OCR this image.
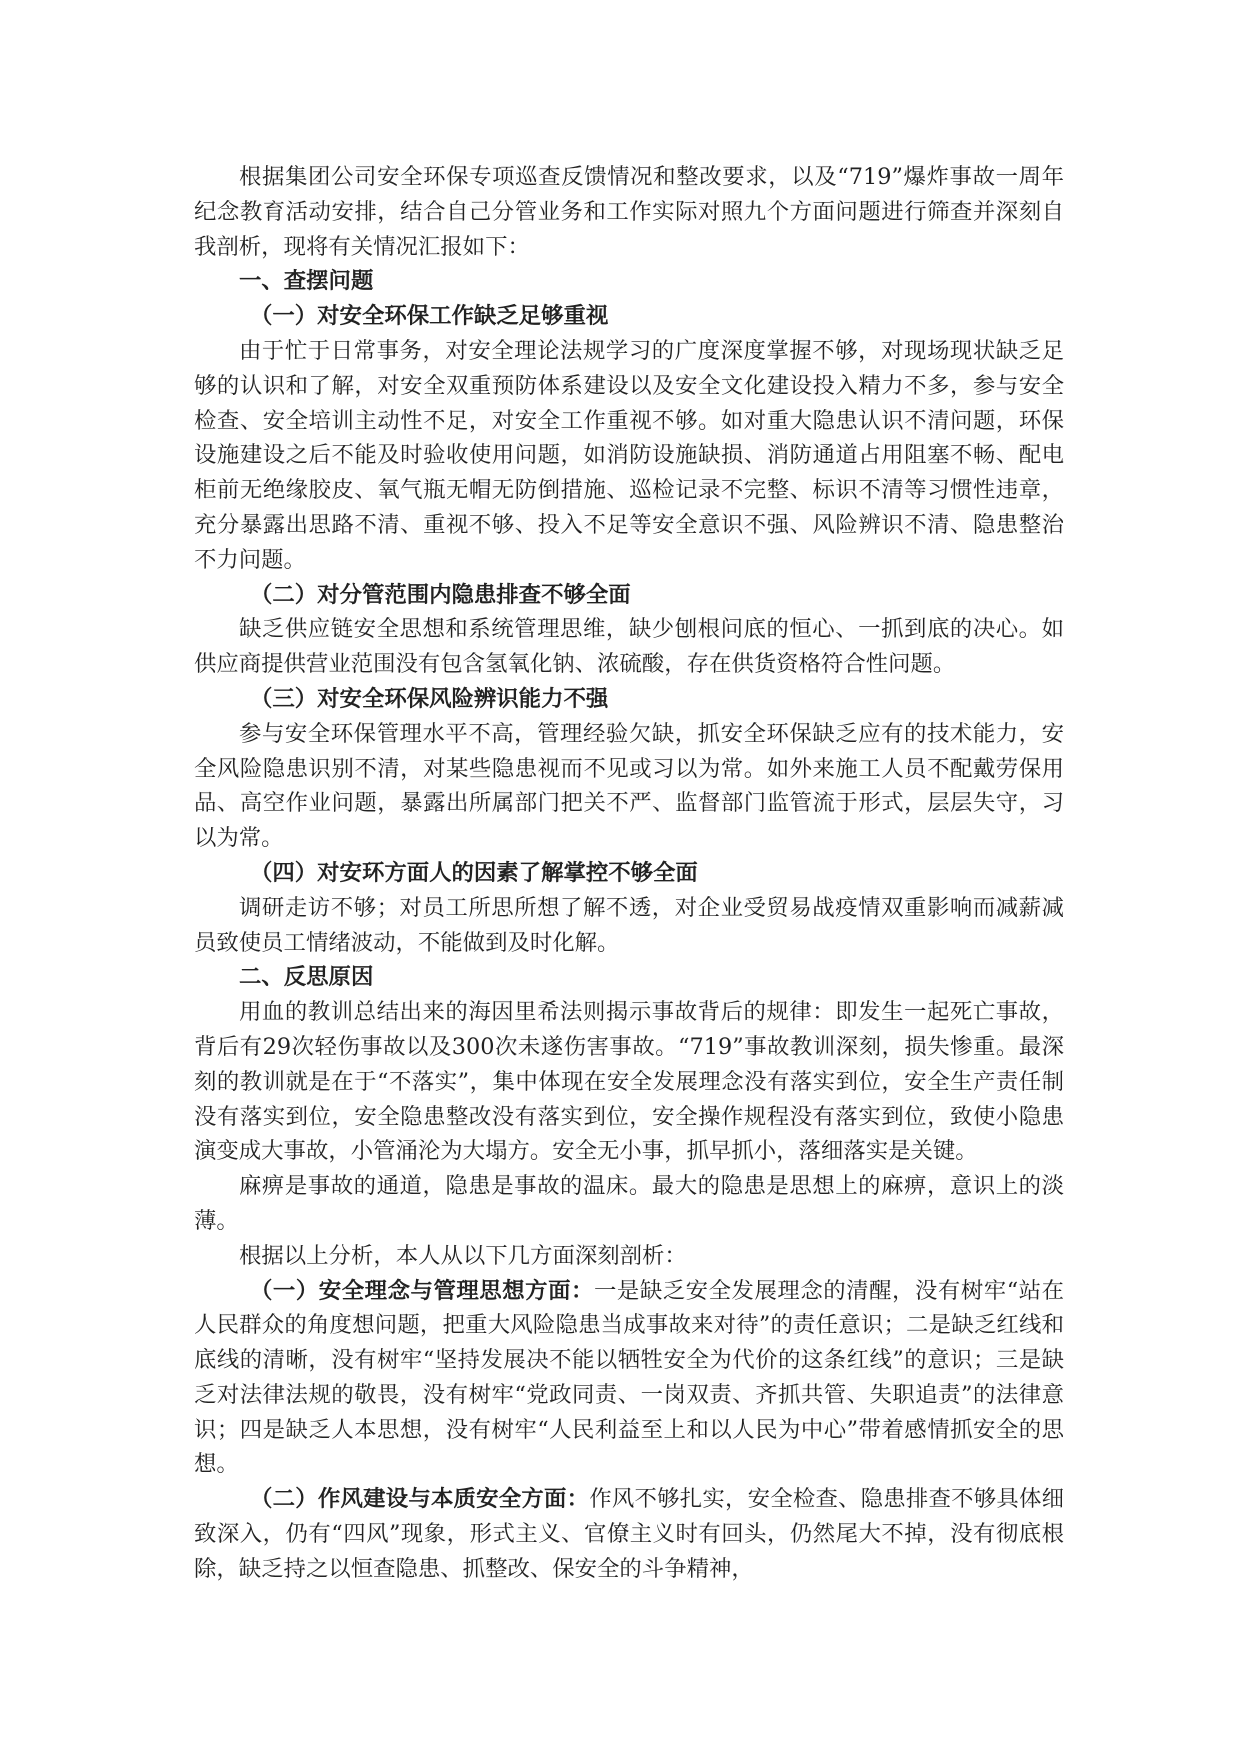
根据集团公司安全环保专项巡查反馈情况和整改要求，以及“719”爆炸事故一周年纪念教育活动安排，结合自己分管业务和工作实际对照九个方面问题进行筛查并深刻自我剖析，现将有关情况汇报如下：

一、查摆问题

（一）对安全环保工作缺乏足够重视

由于忙于日常事务，对安全理论法规学习的广度深度掌握不够，对现场现状缺乏足够的认识和了解，对安全双重预防体系建设以及安全文化建设投入精力不多，参与安全检查、安全培训主动性不足，对安全工作重视不够。如对重大隐患认识不清问题，环保设施建设之后不能及时验收使用问题，如消防设施缺损、消防通道占用阻塞不畅、配电柜前无绝缘胶皮、氧气瓶无帽无防倒措施、巡检记录不完整、标识不清等习惯性违章，充分暴露出思路不清、重视不够、投入不足等安全意识不强、风险辨识不清、隐患整治不力问题。

（二）对分管范围内隐患排查不够全面

缺乏供应链安全思想和系统管理思维，缺少刨根问底的恒心、一抓到底的决心。如供应商提供营业范围没有包含氢氧化钠、浓硫酸，存在供货资格符合性问题。

（三）对安全环保风险辨识能力不强

参与安全环保管理水平不高，管理经验欠缺，抓安全环保缺乏应有的技术能力，安全风险隐患识别不清，对某些隐患视而不见或习以为常。如外来施工人员不配戴劳保用品、高空作业问题，暴露出所属部门把关不严、监督部门监管流于形式，层层失守，习以为常。

（四）对安环方面人的因素了解掌控不够全面

调研走访不够；对员工所思所想了解不透，对企业受贸易战疫情双重影响而减薪减员致使员工情绪波动，不能做到及时化解。

二、反思原因

用血的教训总结出来的海因里希法则揭示事故背后的规律：即发生一起死亡事故，背后有29次轻伤事故以及300次未遂伤害事故。“719”事故教训深刻，损失惨重。最深刻的教训就是在于“不落实”，集中体现在安全发展理念没有落实到位，安全生产责任制没有落实到位，安全隐患整改没有落实到位，安全操作规程没有落实到位，致使小隐患演变成大事故，小管涌沦为大塌方。安全无小事，抓早抓小，落细落实是关键。

麻痹是事故的通道，隐患是事故的温床。最大的隐患是思想上的麻痹，意识上的淡薄。

根据以上分析，本人从以下几方面深刻剖析：

（一）安全理念与管理思想方面：一是缺乏安全发展理念的清醒，没有树牢“站在人民群众的角度想问题，把重大风险隐患当成事故来对待”的责任意识；二是缺乏红线和底线的清晰，没有树牢“坚持发展决不能以牺牲安全为代价的这条红线”的意识；三是缺乏对法律法规的敬畏，没有树牢“党政同责、一岗双责、齐抓共管、失职追责”的法律意识；四是缺乏人本思想，没有树牢“人民利益至上和以人民为中心”带着感情抓安全的思想。

（二）作风建设与本质安全方面：作风不够扎实，安全检查、隐患排查不够具体细致深入，仍有“四风”现象，形式主义、官僚主义时有回头，仍然尾大不掉，没有彻底根除，缺乏持之以恒查隐患、抓整改、保安全的斗争精神，
